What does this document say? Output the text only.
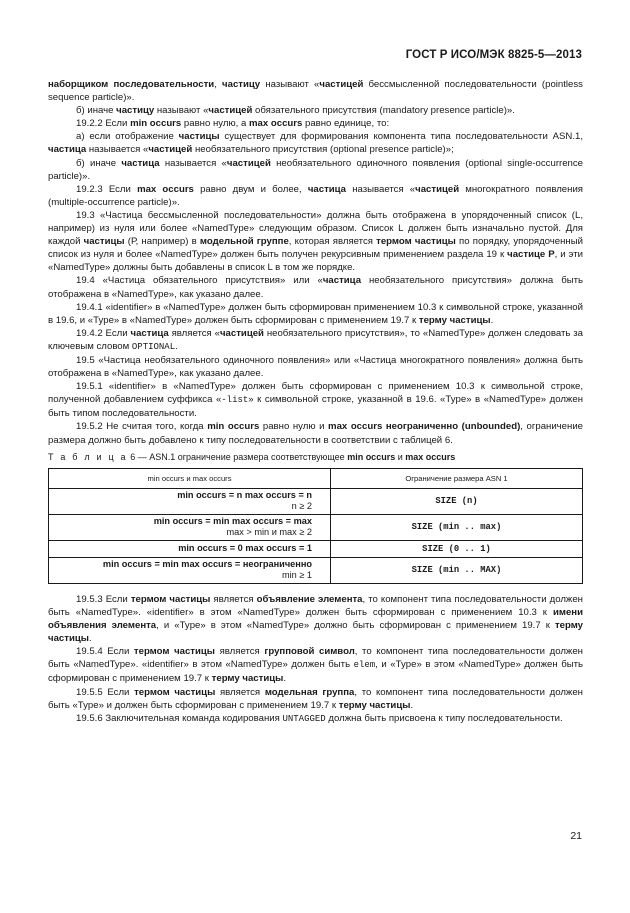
ГОСТ Р ИСО/МЭК 8825-5—2013

наборщиком последовательности, частицу называют «частицей бессмысленной последовательности (pointless sequence particle)».

б) иначе частицу называют «частицей обязательного присутствия (mandatory presence particle)».

19.2.2 Если min occurs равно нулю, а max occurs равно единице, то:

а) если отображение частицы существует для формирования компонента типа последовательности ASN.1, частица называется «частицей необязательного присутствия (optional presence particle)»;

б) иначе частица называется «частицей необязательного одиночного появления (optional single-occurrence particle)».

19.2.3 Если max occurs равно двум и более, частица называется «частицей многократного появления (multiple-occurrence particle)».

19.3 «Частица бессмысленной последовательности» должна быть отображена в упорядоченный список (L, например) из нуля или более «NamedType» следующим образом. Список L должен быть изначально пустой. Для каждой частицы (Р, например) в модельной группе, которая является термом частицы по порядку, упорядоченный список из нуля и более «NamedType» должен быть получен рекурсивным применением раздела 19 к частице Р, и эти «NamedType» должны быть добавлены в список L в том же порядке.

19.4 «Частица обязательного присутствия» или «частица необязательного присутствия» должна быть отображена в «NamedType», как указано далее.

19.4.1 «identifier» в «NamedType» должен быть сформирован применением 10.3 к символьной строке, указанной в 19.6, и «Type» в «NamedType» должен быть сформирован с применением 19.7 к терму частицы.

19.4.2 Если частица является «частицей необязательного присутствия», то «NamedType» должен следовать за ключевым словом OPTIONAL.

19.5 «Частица необязательного одиночного появления» или «Частица многократного появления» должна быть отображена в «NamedType», как указано далее.

19.5.1 «identifier» в «NamedType» должен быть сформирован с применением 10.3 к символьной строке, полученной добавлением суффикса «-list» к символьной строке, указанной в 19.6. «Type» в «NamedType» должен быть типом последовательности.

19.5.2 Не считая того, когда min occurs равно нулю и max occurs неограниченно (unbounded), ограничение размера должно быть добавлено к типу последовательности в соответствии с таблицей 6.

Т а б л и ц а 6 — ASN.1 ограничение размера соответствующее min occurs и max occurs

min occurs и max occurs	Ограничение размера ASN 1

min occurs = n max occurs = n
n ≥ 2	SIZE (n)

min occurs = min max occurs = max
max > min и max ≥ 2	SIZE (min .. max)

min occurs = 0 max occurs = 1	SIZE (0 .. 1)

min occurs = min max occurs = неограниченно
min ≥ 1	SIZE (min .. MAX)

19.5.3 Если термом частицы является объявление элемента, то компонент типа последовательности должен быть «NamedType». «identifier» в этом «NamedType» должен быть сформирован с применением 10.3 к имени объявления элемента, и «Type» в этом «NamedType» должно быть сформирован с применением 19.7 к терму частицы.

19.5.4 Если термом частицы является групповой символ, то компонент типа последовательности должен быть «NamedType». «identifier» в этом «NamedType» должен быть elem, и «Type» в этом «NamedType» должен быть сформирован с применением 19.7 к терму частицы.

19.5.5 Если термом частицы является модельная группа, то компонент типа последовательности должен быть «Type» и должен быть сформирован с применением 19.7 к терму частицы.

19.5.6 Заключительная команда кодирования UNTAGGED должна быть присвоена к типу последовательности.

21
